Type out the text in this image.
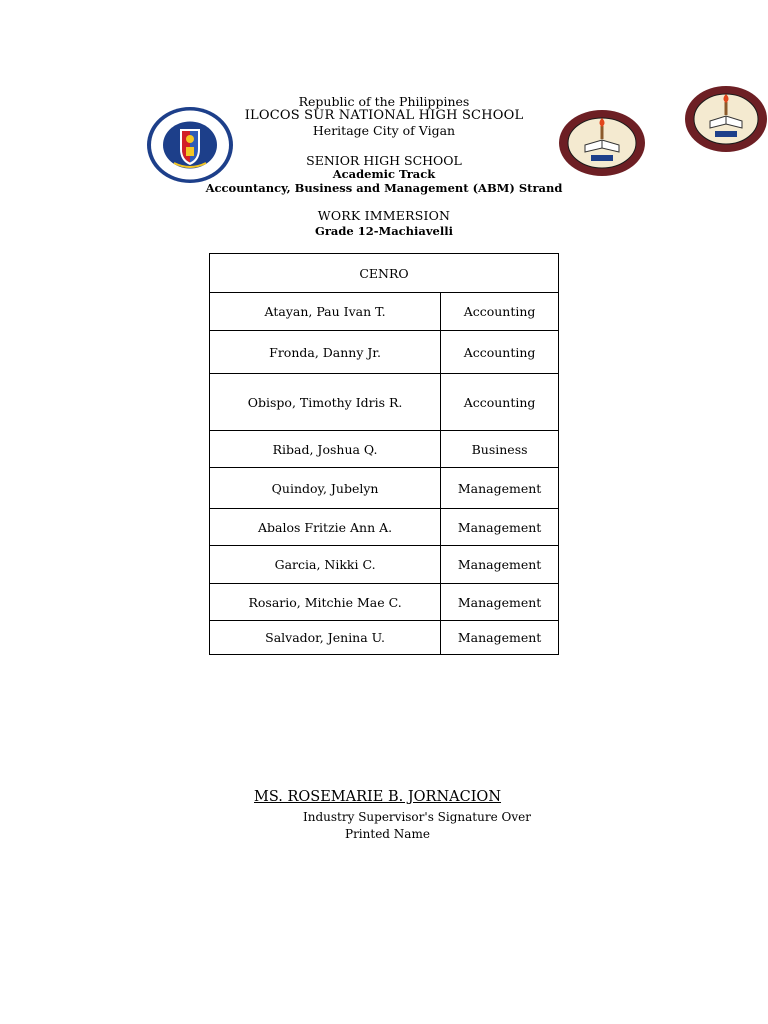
Republic of the Philippines
ILOCOS SUR NATIONAL HIGH SCHOOL
Heritage City of Vigan
SENIOR HIGH SCHOOL
Academic Track
Accountancy, Business and Management (ABM) Strand
WORK IMMERSION
Grade 12-Machiavelli
CENRO	
Atayan, Pau Ivan T.	Accounting
Fronda, Danny Jr.	Accounting
Obispo, Timothy Idris R.	Accounting
Ribad, Joshua Q.	Business
Quindoy, Jubelyn	Management
Abalos Fritzie Ann A.	Management
Garcia, Nikki C.	Management
Rosario, Mitchie Mae C.	Management
Salvador, Jenina U.	Management
MS. ROSEMARIE B. JORNACION
Industry Supervisor's Signature Over
Printed Name
